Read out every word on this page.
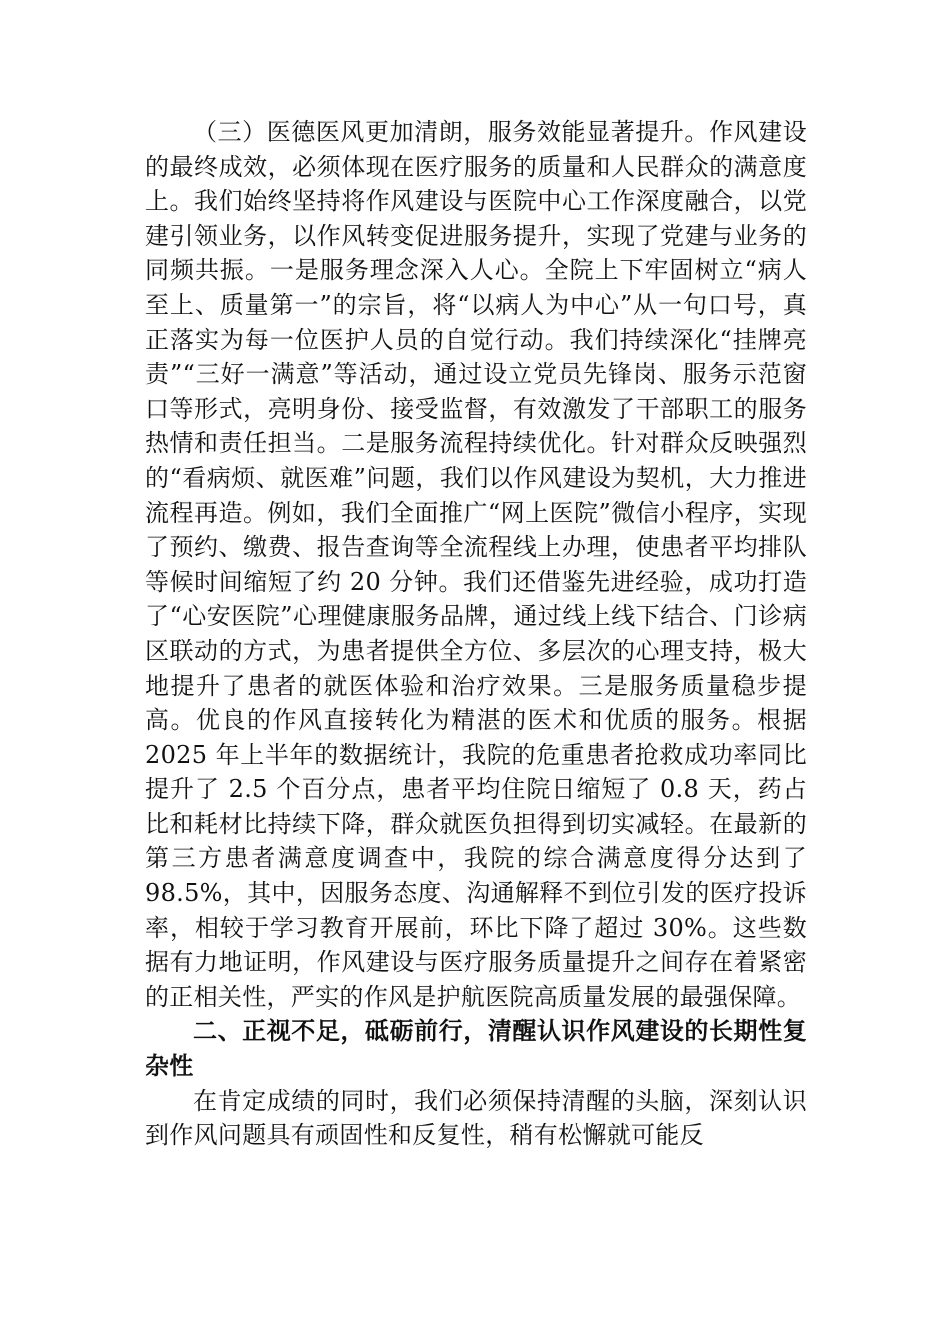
（三）医德医风更加清朗，服务效能显著提升。作风建设的最终成效，必须体现在医疗服务的质量和人民群众的满意度上。我们始终坚持将作风建设与医院中心工作深度融合，以党建引领业务，以作风转变促进服务提升，实现了党建与业务的同频共振。一是服务理念深入人心。全院上下牢固树立“病人至上、质量第一”的宗旨，将“以病人为中心”从一句口号，真正落实为每一位医护人员的自觉行动。我们持续深化“挂牌亮责”“三好一满意”等活动，通过设立党员先锋岗、服务示范窗口等形式，亮明身份、接受监督，有效激发了干部职工的服务热情和责任担当。二是服务流程持续优化。针对群众反映强烈的“看病烦、就医难”问题，我们以作风建设为契机，大力推进流程再造。例如，我们全面推广“网上医院”微信小程序，实现了预约、缴费、报告查询等全流程线上办理，使患者平均排队等候时间缩短了约 20 分钟。我们还借鉴先进经验，成功打造了“心安医院”心理健康服务品牌，通过线上线下结合、门诊病区联动的方式，为患者提供全方位、多层次的心理支持，极大地提升了患者的就医体验和治疗效果。三是服务质量稳步提高。优良的作风直接转化为精湛的医术和优质的服务。根据 2025 年上半年的数据统计，我院的危重患者抢救成功率同比提升了 2.5 个百分点，患者平均住院日缩短了 0.8 天，药占比和耗材比持续下降，群众就医负担得到切实减轻。在最新的第三方患者满意度调查中，我院的综合满意度得分达到了 98.5%，其中，因服务态度、沟通解释不到位引发的医疗投诉率，相较于学习教育开展前，环比下降了超过 30%。这些数据有力地证明，作风建设与医疗服务质量提升之间存在着紧密的正相关性，严实的作风是护航医院高质量发展的最强保障。

二、正视不足，砥砺前行，清醒认识作风建设的长期性复杂性

在肯定成绩的同时，我们必须保持清醒的头脑，深刻认识到作风问题具有顽固性和反复性，稍有松懈就可能反
